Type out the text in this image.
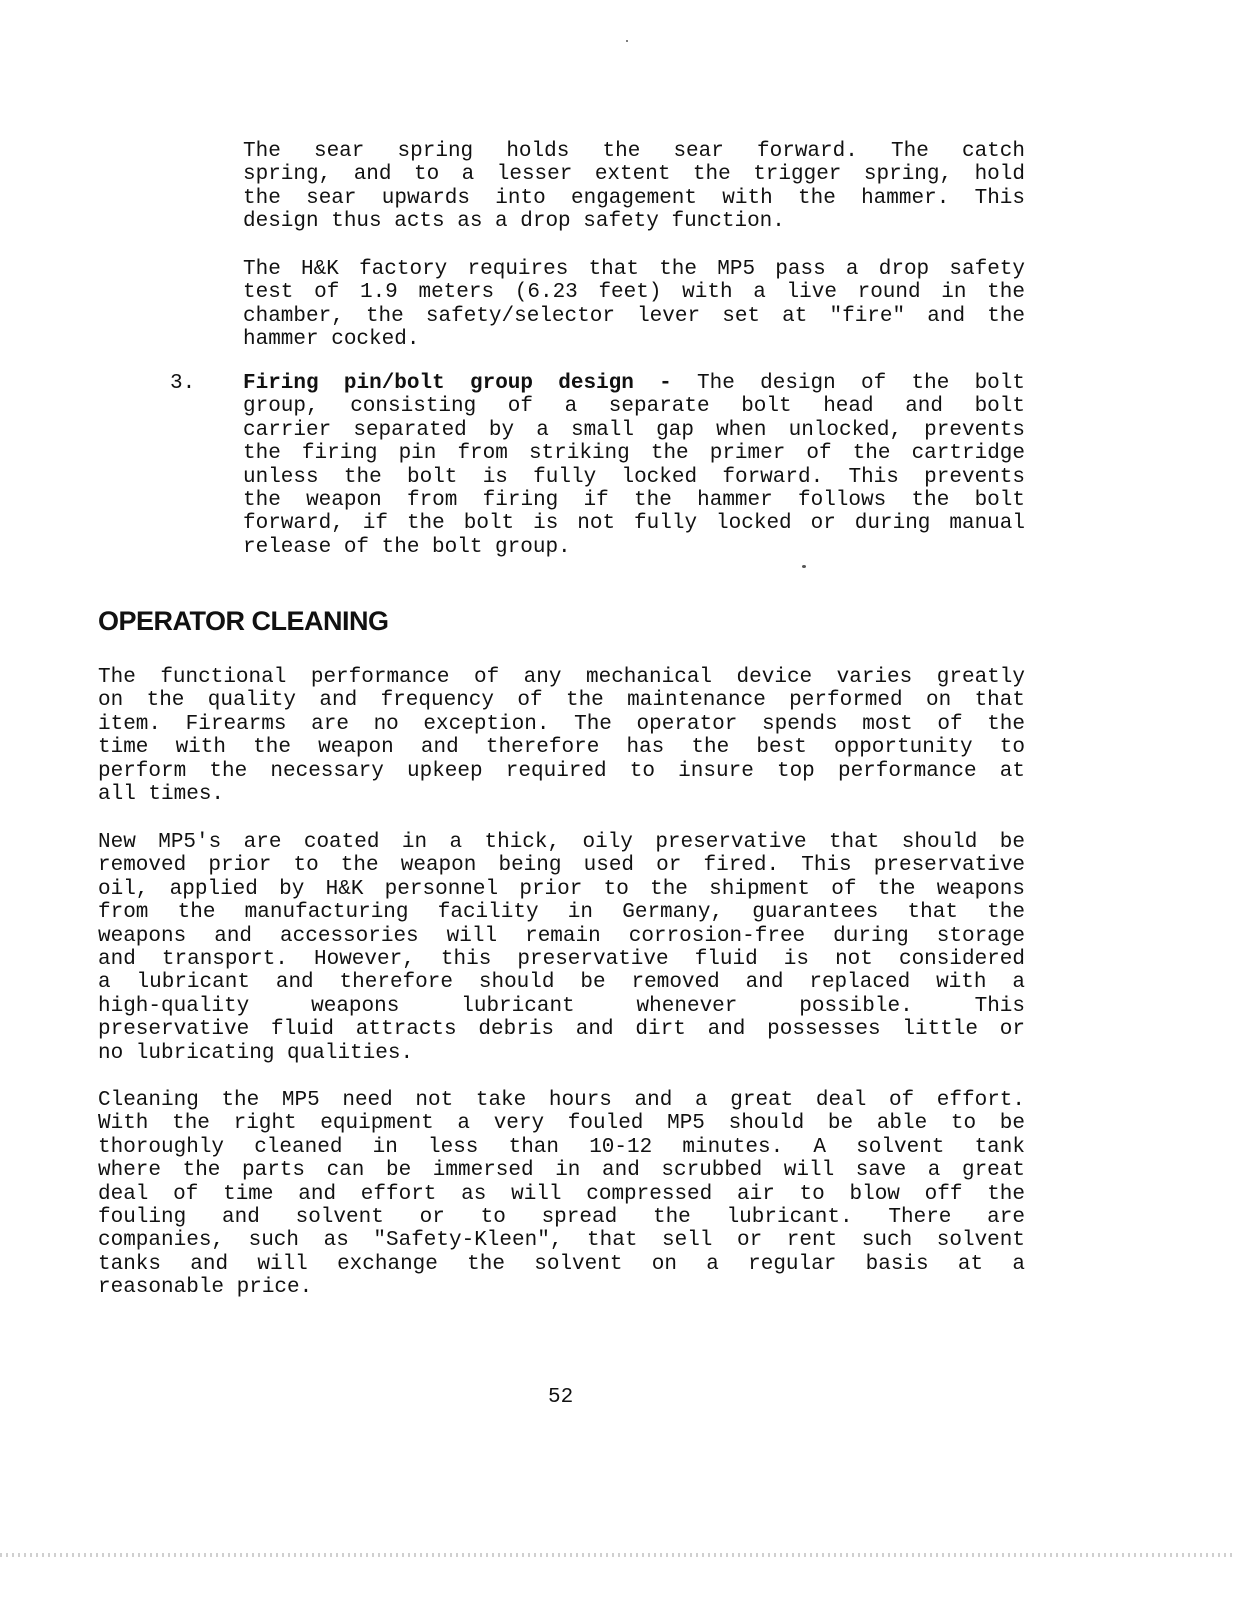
The sear spring holds the sear forward. The catch
spring, and to a lesser extent the trigger spring, hold
the sear upwards into engagement with the hammer. This
design thus acts as a drop safety function.
The H&K factory requires that the MP5 pass a drop safety
test of 1.9 meters (6.23 feet) with a live round in the
chamber, the safety/selector lever set at "fire" and the
hammer cocked.
3. Firing pin/bolt group design - The design of the bolt
group, consisting of a separate bolt head and bolt
carrier separated by a small gap when unlocked, prevents
the firing pin from striking the primer of the cartridge
unless the bolt is fully locked forward. This prevents
the weapon from firing if the hammer follows the bolt
forward, if the bolt is not fully locked or during manual
release of the bolt group.
OPERATOR CLEANING
The functional performance of any mechanical device varies greatly
on the quality and frequency of the maintenance performed on that
item. Firearms are no exception. The operator spends most of the
time with the weapon and therefore has the best opportunity to
perform the necessary upkeep required to insure top performance at
all times.
New MP5's are coated in a thick, oily preservative that should be
removed prior to the weapon being used or fired. This preservative
oil, applied by H&K personnel prior to the shipment of the weapons
from the manufacturing facility in Germany, guarantees that the
weapons and accessories will remain corrosion-free during storage
and transport. However, this preservative fluid is not considered
a lubricant and therefore should be removed and replaced with a
high-quality weapons lubricant whenever possible. This
preservative fluid attracts debris and dirt and possesses little or
no lubricating qualities.
Cleaning the MP5 need not take hours and a great deal of effort.
With the right equipment a very fouled MP5 should be able to be
thoroughly cleaned in less than 10-12 minutes. A solvent tank
where the parts can be immersed in and scrubbed will save a great
deal of time and effort as will compressed air to blow off the
fouling and solvent or to spread the lubricant. There are
companies, such as "Safety-Kleen", that sell or rent such solvent
tanks and will exchange the solvent on a regular basis at a
reasonable price.
52
